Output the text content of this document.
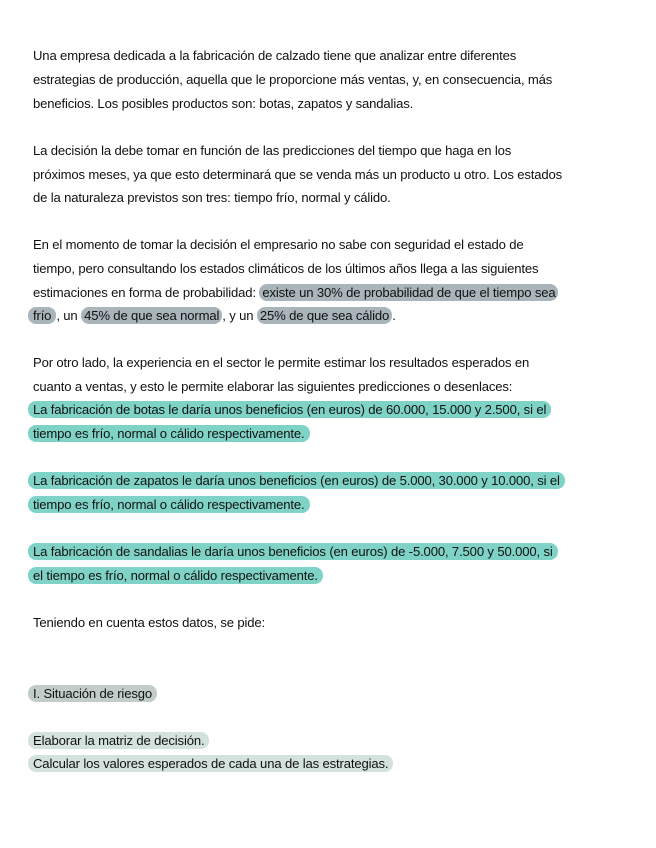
Una empresa dedicada a la fabricación de calzado tiene que analizar entre diferentes
estrategias de producción, aquella que le proporcione más ventas, y, en consecuencia, más
beneficios. Los posibles productos son: botas, zapatos y sandalias.
La decisión la debe tomar en función de las predicciones del tiempo que haga en los
próximos meses, ya que esto determinará que se venda más un producto u otro. Los estados
de la naturaleza previstos son tres: tiempo frío, normal y cálido.
En el momento de tomar la decisión el empresario no sabe con seguridad el estado de
tiempo, pero consultando los estados climáticos de los últimos años llega a las siguientes
estimaciones en forma de probabilidad: existe un 30% de probabilidad de que el tiempo sea
frío , un 45% de que sea normal , y un 25% de que sea cálido .
Por otro lado, la experiencia en el sector le permite estimar los resultados esperados en
cuanto a ventas, y esto le permite elaborar las siguientes predicciones o desenlaces:
La fabricación de botas le daría unos beneficios (en euros) de 60.000, 15.000 y 2.500, si el
tiempo es frío, normal o cálido respectivamente.
La fabricación de zapatos le daría unos beneficios (en euros) de 5.000, 30.000 y 10.000, si el
tiempo es frío, normal o cálido respectivamente.
La fabricación de sandalias le daría unos beneficios (en euros) de -5.000, 7.500 y 50.000, si
el tiempo es frío, normal o cálido respectivamente.
Teniendo en cuenta estos datos, se pide:
I. Situación de riesgo
Elaborar la matriz de decisión.
Calcular los valores esperados de cada una de las estrategias.
